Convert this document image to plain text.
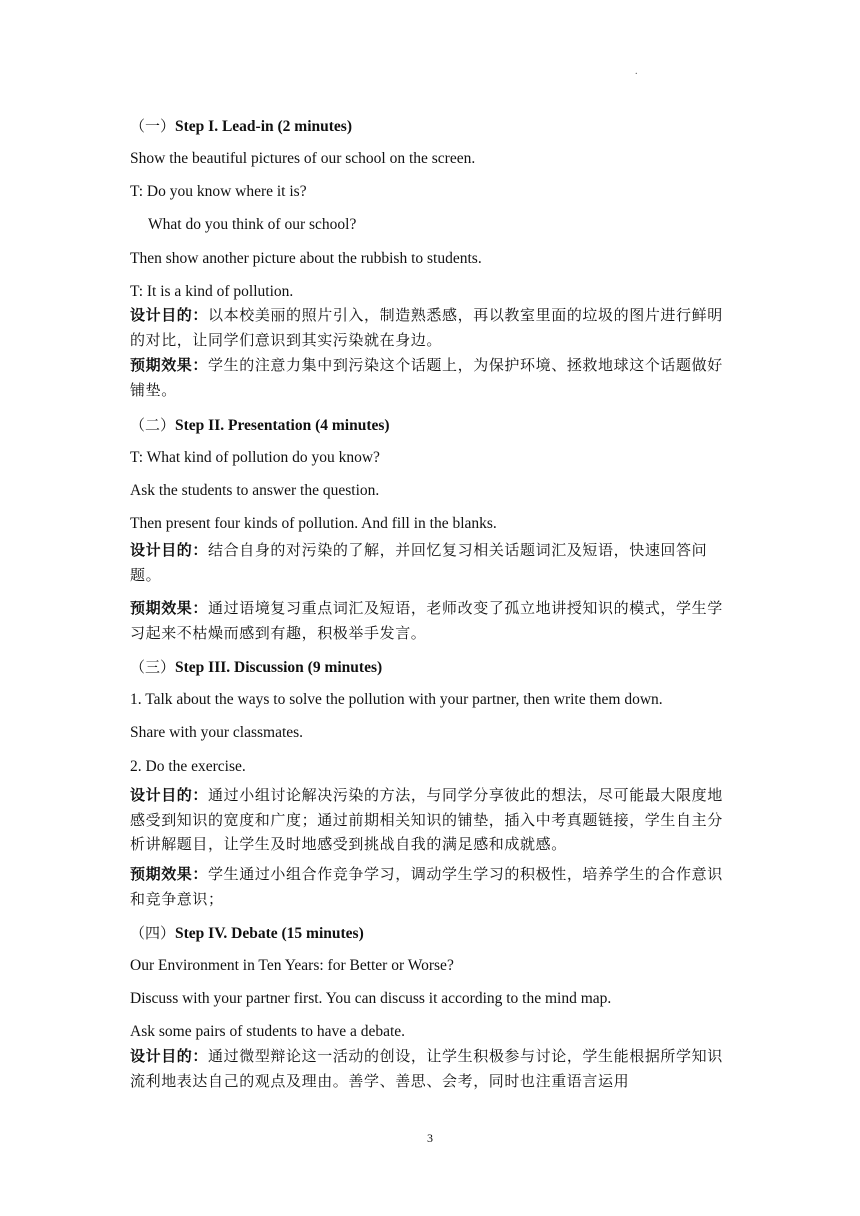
.
（一）Step I. Lead-in (2 minutes)
Show the beautiful pictures of our school on the screen.
T: Do you know where it is?
What do you think of our school?
Then show another picture about the rubbish to students.
T: It is a kind of pollution.
设计目的：以本校美丽的照片引入，制造熟悉感，再以教室里面的垃圾的图片进行鲜明的对比，让同学们意识到其实污染就在身边。
预期效果：学生的注意力集中到污染这个话题上，为保护环境、拯救地球这个话题做好铺垫。
（二）Step II. Presentation (4 minutes)
T: What kind of pollution do you know?
Ask the students to answer the question.
Then present four kinds of pollution. And fill in the blanks.
设计目的：结合自身的对污染的了解，并回忆复习相关话题词汇及短语，快速回答问题。
预期效果：通过语境复习重点词汇及短语，老师改变了孤立地讲授知识的模式，学生学习起来不枯燥而感到有趣，积极举手发言。
（三）Step III. Discussion (9 minutes)
1. Talk about the ways to solve the pollution with your partner, then write them down.
Share with your classmates.
2. Do the exercise.
设计目的：通过小组讨论解决污染的方法，与同学分享彼此的想法，尽可能最大限度地感受到知识的宽度和广度；通过前期相关知识的铺垫，插入中考真题链接，学生自主分析讲解题目，让学生及时地感受到挑战自我的满足感和成就感。
预期效果：学生通过小组合作竞争学习，调动学生学习的积极性，培养学生的合作意识和竞争意识；
（四）Step IV. Debate (15 minutes)
Our Environment in Ten Years: for Better or Worse?
Discuss with your partner first. You can discuss it according to the mind map.
Ask some pairs of students to have a debate.
设计目的：通过微型辩论这一活动的创设，让学生积极参与讨论，学生能根据所学知识流利地表达自己的观点及理由。善学、善思、会考，同时也注重语言运用
3
